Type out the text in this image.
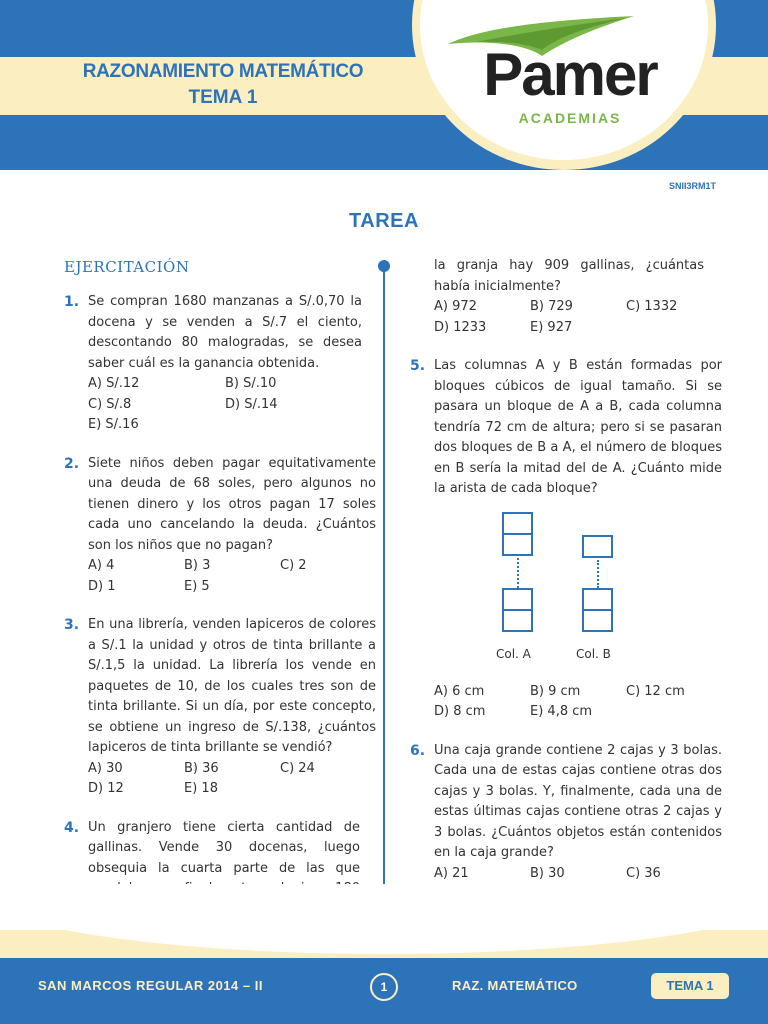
RAZONAMIENTO MATEMÁTICO
TEMA 1	Pamer
ACADEMIAS
SNII3RM1T
TAREA
EJERCITACIÓN
1. Se compran 1680 manzanas a S/.0,70 la docena y se venden a S/.7 el ciento, descontando 80 malogradas, se desea saber cuál es la ganancia obtenida.
A) S/.12	B) S/.10
C) S/.8	D) S/.14
E) S/.16
2. Siete niños deben pagar equitativamente una deuda de 68 soles, pero algunos no tienen dinero y los otros pagan 17 soles cada uno cancelando la deuda. ¿Cuántos son los niños que no pagan?
A) 4	B) 3	C) 2
D) 1	E) 5
3. En una librería, venden lapiceros de colores a S/.1 la unidad y otros de tinta brillante a S/.1,5 la unidad. La librería los vende en paquetes de 10, de los cuales tres son de tinta brillante. Si un día, por este concepto, se obtiene un ingreso de S/.138, ¿cuántos lapiceros de tinta brillante se vendió?
A) 30	B) 36	C) 24
D) 12	E) 18
4. Un granjero tiene cierta cantidad de gallinas. Vende 30 docenas, luego obsequia la cuarta parte de las que
la granja hay 909 gallinas, ¿cuántas había inicialmente?
A) 972	B) 729	C) 1332
D) 1233	E) 927
5. Las columnas A y B están formadas por bloques cúbicos de igual tamaño. Si se pasara un bloque de A a B, cada columna tendría 72 cm de altura; pero si se pasaran dos bloques de B a A, el número de bloques en B sería la mitad del de A. ¿Cuánto mide la arista de cada bloque?
Col. A	Col. B
A) 6 cm	B) 9 cm	C) 12 cm
D) 8 cm	E) 4,8 cm
6. Una caja grande contiene 2 cajas y 3 bolas. Cada una de estas cajas contiene otras dos cajas y 3 bolas. Y, finalmente, cada una de estas últimas cajas contiene otras 2 cajas y 3 bolas. ¿Cuántos objetos están contenidos en la caja grande?
A) 21	B) 30	C) 36
SAN MARCOS REGULAR 2014 – II	1	RAZ. MATEMÁTICO	TEMA 1
